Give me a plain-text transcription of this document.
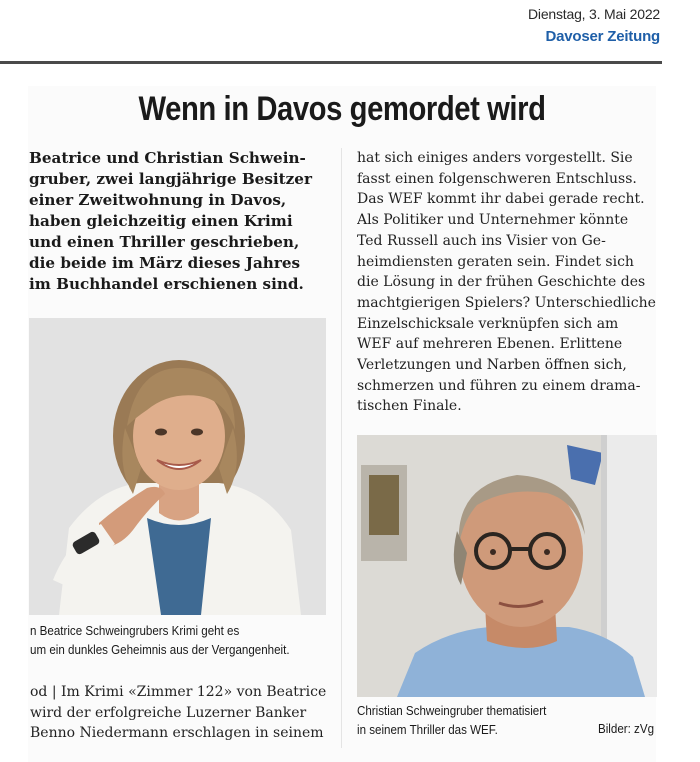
Dienstag, 3. Mai 2022
Davoser Zeitung
Wenn in Davos gemordet wird
Beatrice und Christian Schwein-
gruber, zwei langjährige Besitzer
einer Zweitwohnung in Davos,
haben gleichzeitig einen Krimi
und einen Thriller geschrieben,
die beide im März dieses Jahres
im Buchhandel erschienen sind.
hat sich einiges anders vorgestellt. Sie
fasst einen folgenschweren Entschluss.
Das WEF kommt ihr dabei gerade recht.
Als Politiker und Unternehmer könnte
Ted Russell auch ins Visier von Ge-
heimdiensten geraten sein. Findet sich
die Lösung in der frühen Geschichte des
machtgierigen Spielers? Unterschiedliche
Einzelschicksale verknüpfen sich am
WEF auf mehreren Ebenen. Erlittene
Verletzungen und Narben öffnen sich,
schmerzen und führen zu einem drama-
tischen Finale.
n Beatrice Schweingrubers Krimi geht es
um ein dunkles Geheimnis aus der Vergangenheit.
od | Im Krimi «Zimmer 122» von Beatrice
wird der erfolgreiche Luzerner Banker
Benno Niedermann erschlagen in seinem
Christian Schweingruber thematisiert
in seinem Thriller das WEF.	Bilder: zVg
